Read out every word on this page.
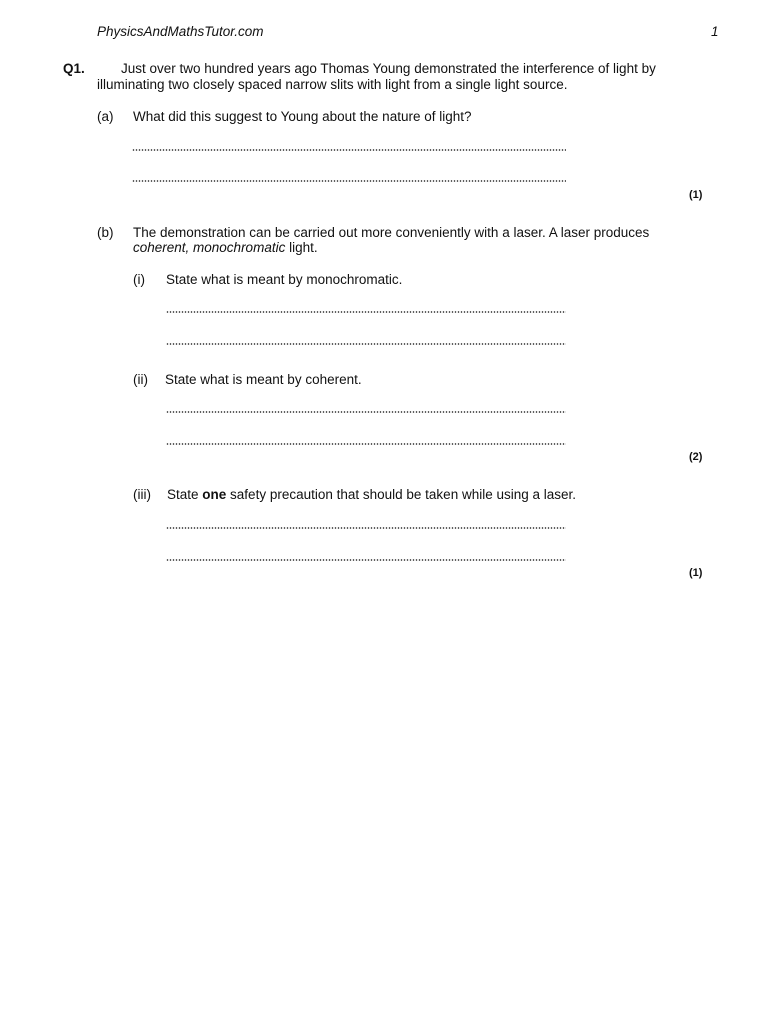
PhysicsAndMathsTutor.com	1
Q1.	Just over two hundred years ago Thomas Young demonstrated the interference of light by
illuminating two closely spaced narrow slits with light from a single light source.
(a) What did this suggest to Young about the nature of light?
(1)
(b) The demonstration can be carried out more conveniently with a laser. A laser produces
coherent, monochromatic light.
(i) State what is meant by monochromatic.
(ii) State what is meant by coherent.
(2)
(iii) State one safety precaution that should be taken while using a laser.
(1)
